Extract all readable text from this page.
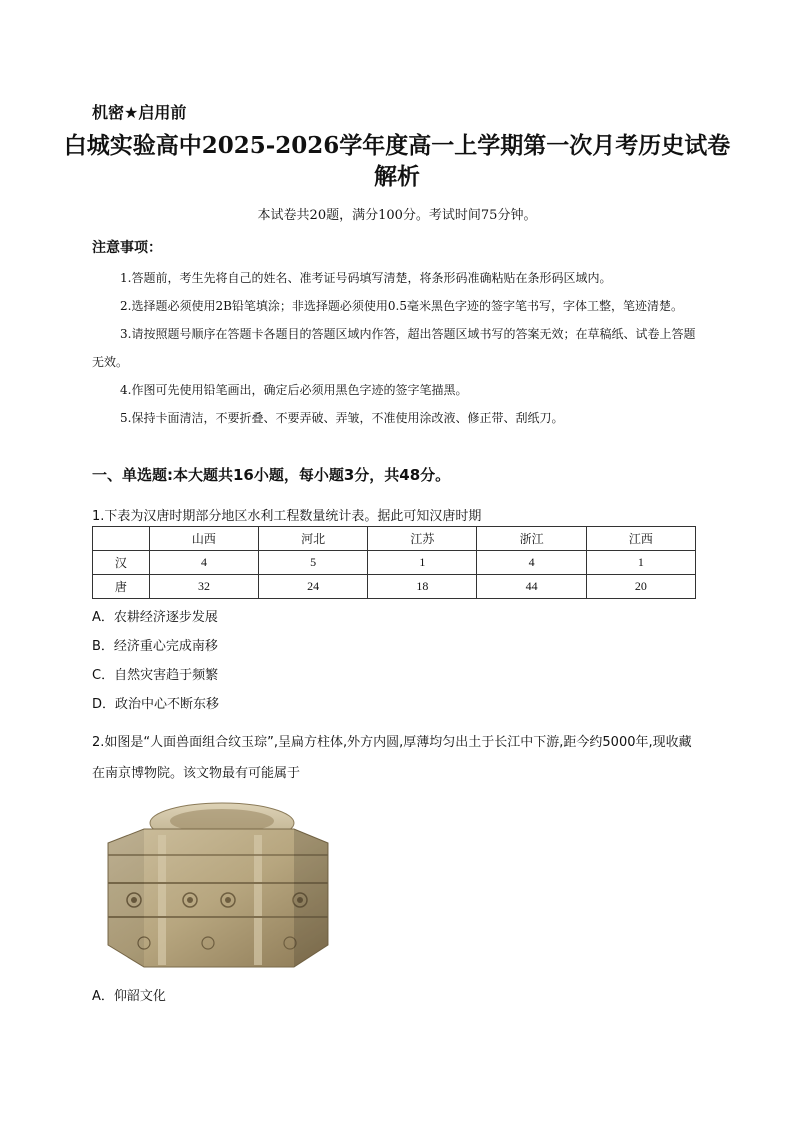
机密★启用前
白城实验高中2025-2026学年度高一上学期第一次月考历史试卷解析
本试卷共20题，满分100分。考试时间75分钟。
注意事项：

1.答题前，考生先将自己的姓名、准考证号码填写清楚，将条形码准确粘贴在条形码区域内。

2.选择题必须使用2B铅笔填涂；非选择题必须使用0.5毫米黑色字迹的签字笔书写，字体工整，笔迹清楚。

3.请按照题号顺序在答题卡各题目的答题区域内作答，超出答题区域书写的答案无效；在草稿纸、试卷上答题无效。

4.作图可先使用铅笔画出，确定后必须用黑色字迹的签字笔描黑。

5.保持卡面清洁，不要折叠、不要弄破、弄皱，不准使用涂改液、修正带、刮纸刀。

一、单选题:本大题共16小题，每小题3分，共48分。
1.下表为汉唐时期部分地区水利工程数量统计表。据此可知汉唐时期
	山西	河北	江苏	浙江	江西
汉	4	5	1	4	1
唐	32	24	18	44	20
A．农耕经济逐步发展
B．经济重心完成南移
C．自然灾害趋于频繁
D．政治中心不断东移
2.如图是“人面兽面组合纹玉琮”,呈扁方柱体,外方内圆,厚薄均匀出土于长江中下游,距今约5000年,现收藏在南京博物院。该文物最有可能属于
A．仰韶文化
